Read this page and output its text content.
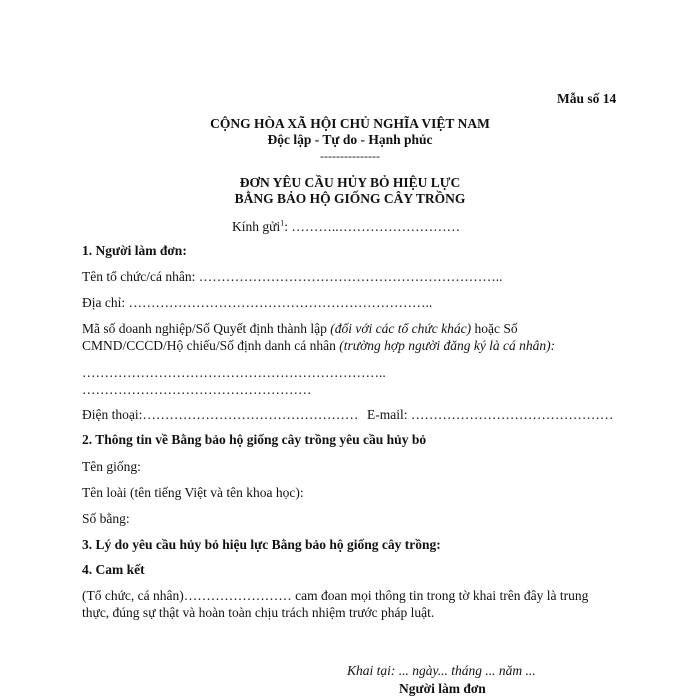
Mẫu số 14
CỘNG HÒA XÃ HỘI CHỦ NGHĨA VIỆT NAM
Độc lập - Tự do - Hạnh phúc
---------------
ĐƠN YÊU CẦU HỦY BỎ HIỆU LỰC
BẰNG BẢO HỘ GIỐNG CÂY TRỒNG
Kính gửi$^1$: ………..………………………
1. Người làm đơn:
Tên tổ chức/cá nhân: …………………………………………………………..
Địa chỉ: …………………………………………………………..
Mã số doanh nghiệp/Số Quyết định thành lập (đối với các tổ chức khác) hoặc Số
CMND/CCCD/Hộ chiếu/Số định danh cá nhân (trường hợp người đăng ký là cá nhân):
…………………………………………………………..
……………………………………………
Điện thoại:………………………………………… E-mail: ………………………………………
2. Thông tin về Bằng bảo hộ giống cây trồng yêu cầu hủy bỏ
Tên giống:
Tên loài (tên tiếng Việt và tên khoa học):
Số bằng:
3. Lý do yêu cầu hủy bỏ hiệu lực Bằng bảo hộ giống cây trồng:
4. Cam kết
(Tổ chức, cá nhân)…………………… cam đoan mọi thông tin trong tờ khai trên đây là trung
thực, đúng sự thật và hoàn toàn chịu trách nhiệm trước pháp luật.
Khai tại: ... ngày... tháng ... năm ...
Người làm đơn
